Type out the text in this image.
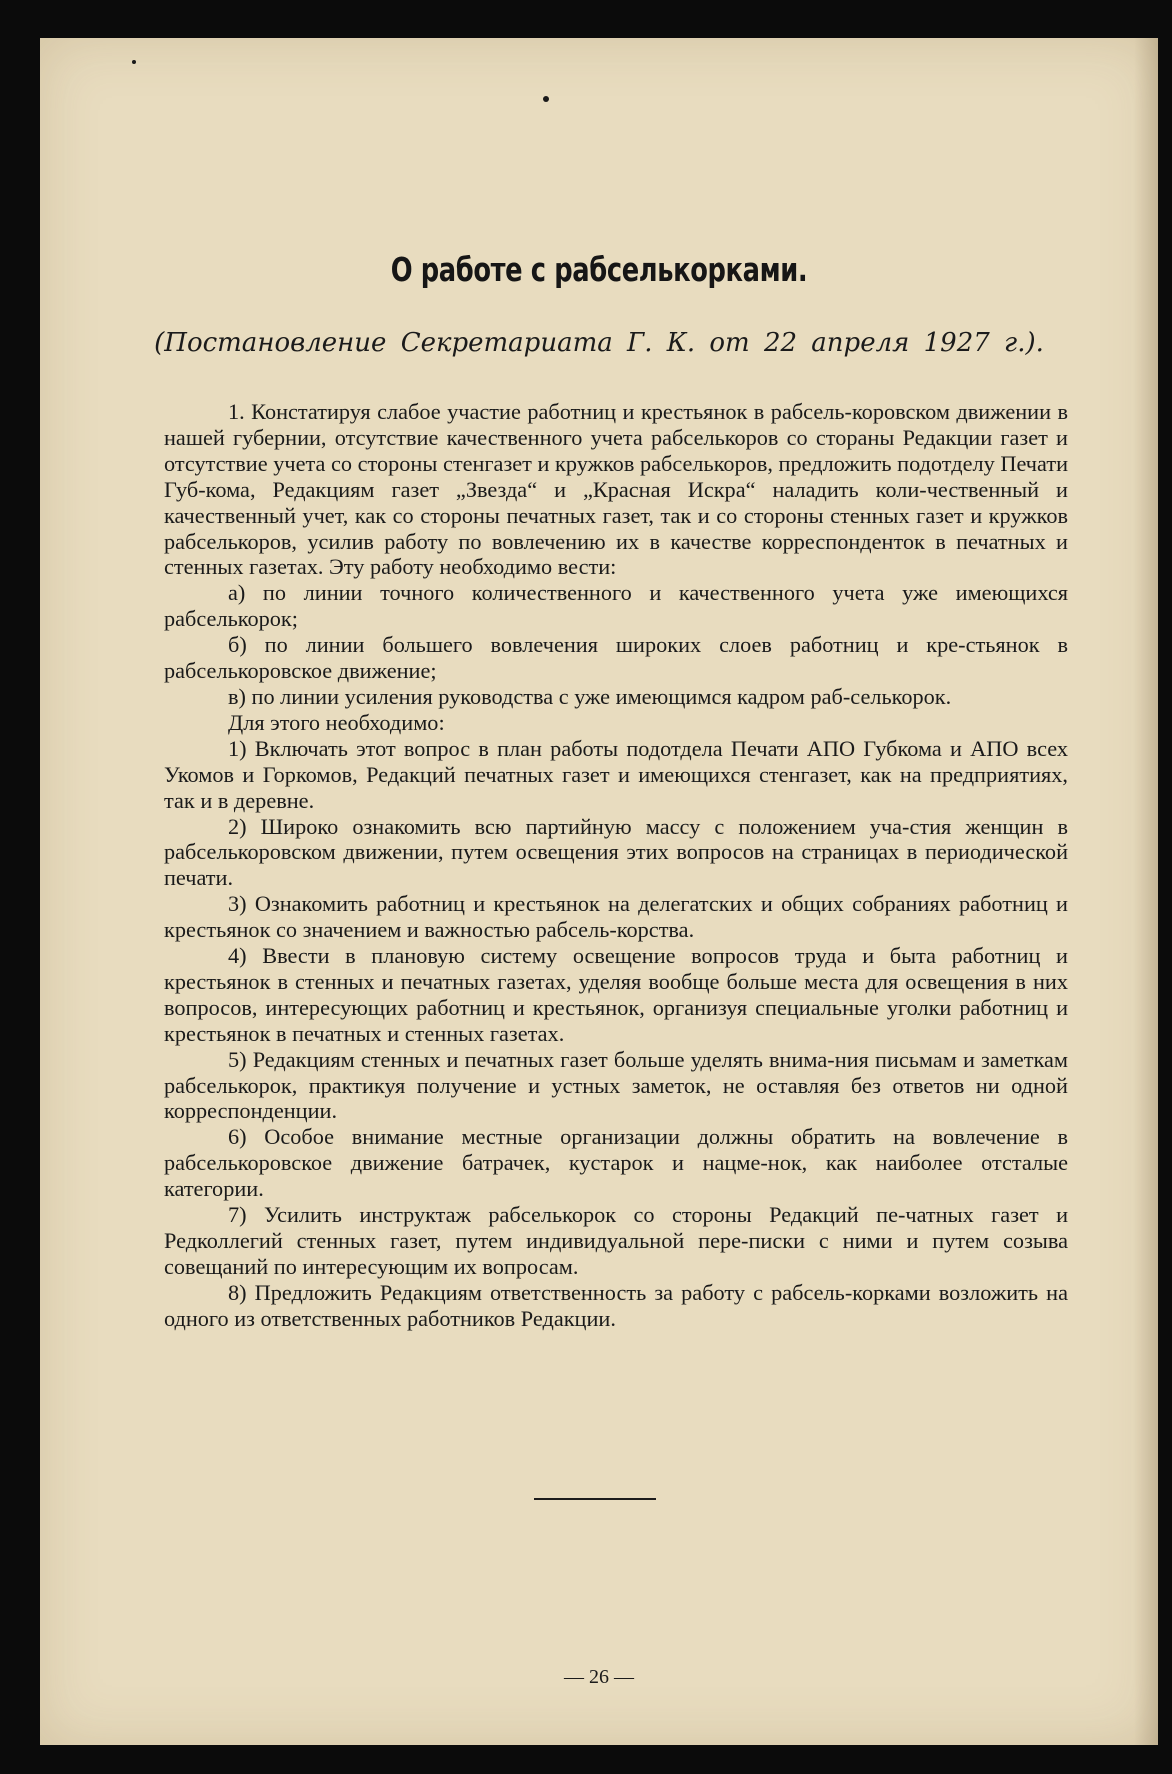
О работе с рабселькорками.
(Постановление Секретариата Г. К. от 22 апреля 1927 г.).

1. Констатируя слабое участие работниц и крестьянок в рабсель-коровском движении в нашей губернии, отсутствие качественного учета рабселькоров со стораны Редакции газет и отсутствие учета со стороны стенгазет и кружков рабселькоров, предложить подотделу Печати Губ-кома, Редакциям газет „Звезда“ и „Красная Искра“ наладить коли-чественный и качественный учет, как со стороны печатных газет, так и со стороны стенных газет и кружков рабселькоров, усилив работу по вовлечению их в качестве корреспонденток в печатных и стенных газетах. Эту работу необходимо вести:

а) по линии точного количественного и качественного учета уже имеющихся рабселькорок;

б) по линии большего вовлечения широких слоев работниц и кре-стьянок в рабселькоровское движение;

в) по линии усиления руководства с уже имеющимся кадром раб-селькорок.

Для этого необходимо:

1) Включать этот вопрос в план работы подотдела Печати АПО Губкома и АПО всех Укомов и Горкомов, Редакций печатных газет и имеющихся стенгазет, как на предприятиях, так и в деревне.

2) Широко ознакомить всю партийную массу с положением уча-стия женщин в рабселькоровском движении, путем освещения этих вопросов на страницах в периодической печати.

3) Ознакомить работниц и крестьянок на делегатских и общих собраниях работниц и крестьянок со значением и важностью рабсель-корства.

4) Ввести в плановую систему освещение вопросов труда и быта работниц и крестьянок в стенных и печатных газетах, уделяя вообще больше места для освещения в них вопросов, интересующих работниц и крестьянок, организуя специальные уголки работниц и крестьянок в печатных и стенных газетах.

5) Редакциям стенных и печатных газет больше уделять внима-ния письмам и заметкам рабселькорок, практикуя получение и устных заметок, не оставляя без ответов ни одной корреспонденции.

6) Особое внимание местные организации должны обратить на вовлечение в рабселькоровское движение батрачек, кустарок и нацме-нок, как наиболее отсталые категории.

7) Усилить инструктаж рабселькорок со стороны Редакций пе-чатных газет и Редколлегий стенных газет, путем индивидуальной пере-писки с ними и путем созыва совещаний по интересующим их вопросам.

8) Предложить Редакциям ответственность за работу с рабсель-корками возложить на одного из ответственных работников Редакции.

— 26 —
